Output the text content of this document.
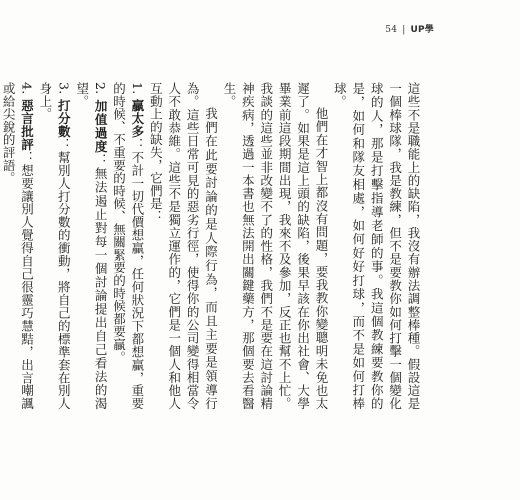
54 | UP學

這些不是職能上的缺陷，我沒有辦法調整棒種。假設這是一個棒球隊，我是教練，但不是要教你如何打擊一個變化球的人，那是打擊指導老師的事。我這個教練要教你的是，如何和隊友相處，如何好好打球，而不是如何打棒球。

他們在才智上都沒有問題，要我教你變聰明未免也太遲了。如果是這上頭的缺陷，後果早該在你出社會、大學畢業前這段期間出現，我來不及參加，反正也幫不上忙。我談的這些並非改變不了的性格，我們不是要在這討論精神疾病，透過一本書也無法開出關鍵藥方，那個要去看醫生。

我們在此要討論的是人際行為，而且主要是領導行為。這些日常可見的惡劣行徑，使得你的公司變得相當令人不敢恭維。這些不是獨立運作的，它們是一個人和他人互動上的缺失，它們是：

1. 贏太多：不計一切代價想贏，任何狀況下都想贏，重要的時候、不重要的時候、無關緊要的時候都要贏。
2. 加值過度：無法遏止對每一個討論提出自己看法的渴望。
3. 打分數：幫別人打分數的衝動，將自己的標準套在別人身上。
4. 惡言批評：想要讓別人覺得自己很靈巧慧黠，出言嘲諷或給尖銳的評語。
